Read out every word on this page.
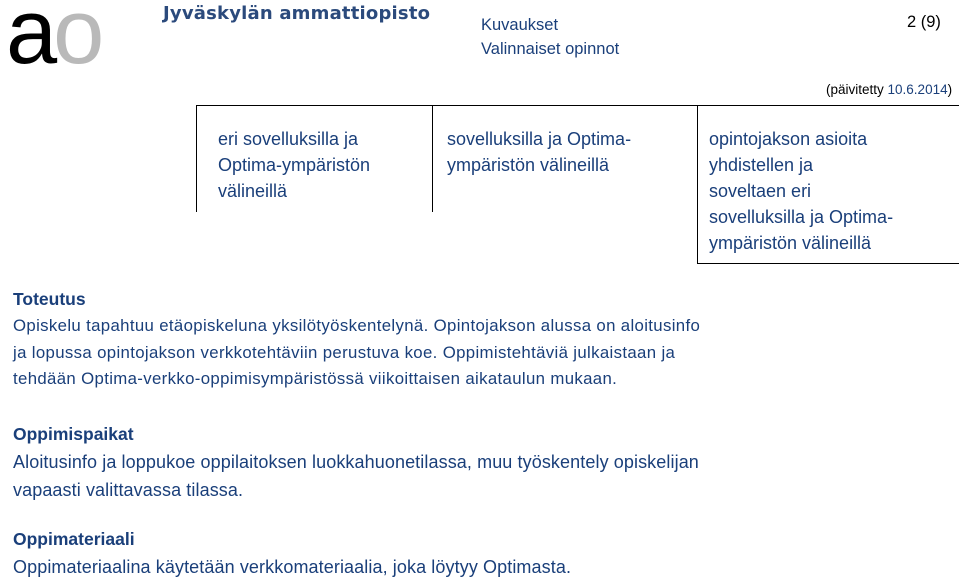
ao	Jyväskylän ammattiopisto
Kuvaukset
Valinnaiset opinnot
2 (9)
(päivitetty 10.6.2014)
eri sovelluksilla ja
Optima-ympäristön
välineillä
sovelluksilla ja Optima-
ympäristön välineillä
opintojakson asioita
yhdistellen ja
soveltaen eri
sovelluksilla ja Optima-
ympäristön välineillä
Toteutus
Opiskelu tapahtuu etäopiskeluna yksilötyöskentelynä. Opintojakson alussa on aloitusinfo
ja lopussa opintojakson verkkotehtäviin perustuva koe. Oppimistehtäviä julkaistaan ja
tehdään Optima-verkko-oppimisympäristössä viikoittaisen aikataulun mukaan.
Oppimispaikat
Aloitusinfo ja loppukoe oppilaitoksen luokkahuonetilassa, muu työskentely opiskelijan
vapaasti valittavassa tilassa.
Oppimateriaali
Oppimateriaalina käytetään verkkomateriaalia, joka löytyy Optimasta.
